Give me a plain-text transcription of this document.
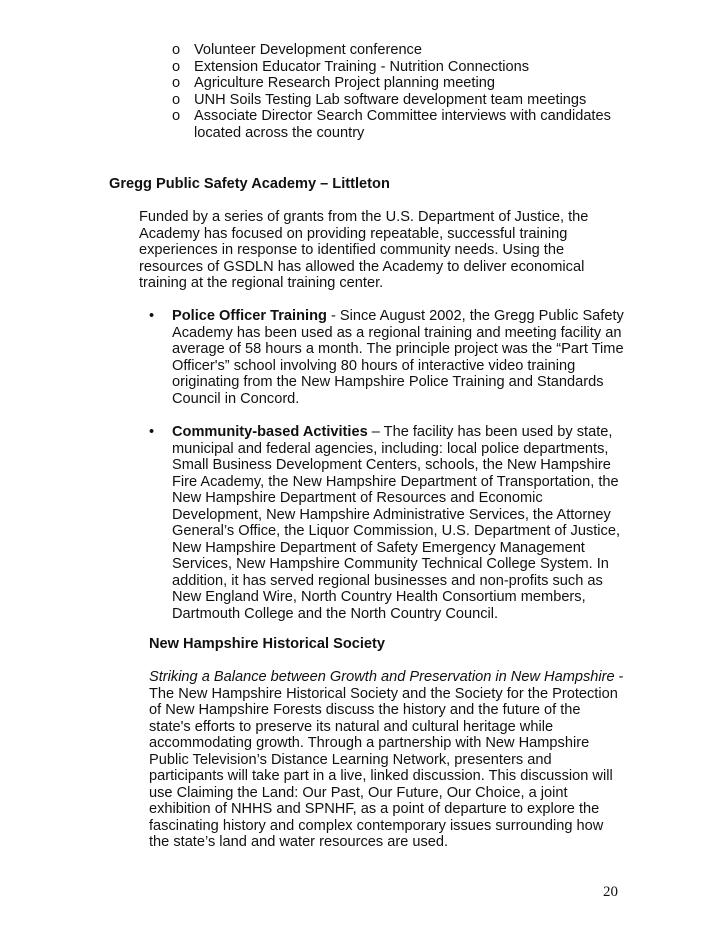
o Volunteer Development conference
o Extension Educator Training - Nutrition Connections
o Agriculture Research Project planning meeting
o UNH Soils Testing Lab software development team meetings
o Associate Director Search Committee interviews with candidates located across the country
Gregg Public Safety Academy – Littleton
Funded by a series of grants from the U.S. Department of Justice, the Academy has focused on providing repeatable, successful training experiences in response to identified community needs. Using the resources of GSDLN has allowed the Academy to deliver economical training at the regional training center.
• Police Officer Training - Since August 2002, the Gregg Public Safety Academy has been used as a regional training and meeting facility an average of 58 hours a month. The principle project was the “Part Time Officer's” school involving 80 hours of interactive video training originating from the New Hampshire Police Training and Standards Council in Concord.
• Community-based Activities – The facility has been used by state, municipal and federal agencies, including: local police departments, Small Business Development Centers, schools, the New Hampshire Fire Academy, the New Hampshire Department of Transportation, the New Hampshire Department of Resources and Economic Development, New Hampshire Administrative Services, the Attorney General’s Office, the Liquor Commission, U.S. Department of Justice, New Hampshire Department of Safety Emergency Management Services, New Hampshire Community Technical College System. In addition, it has served regional businesses and non-profits such as New England Wire, North Country Health Consortium members, Dartmouth College and the North Country Council.
New Hampshire Historical Society
Striking a Balance between Growth and Preservation in New Hampshire - The New Hampshire Historical Society and the Society for the Protection of New Hampshire Forests discuss the history and the future of the state's efforts to preserve its natural and cultural heritage while accommodating growth. Through a partnership with New Hampshire Public Television’s Distance Learning Network, presenters and participants will take part in a live, linked discussion. This discussion will use Claiming the Land: Our Past, Our Future, Our Choice, a joint exhibition of NHHS and SPNHF, as a point of departure to explore the fascinating history and complex contemporary issues surrounding how the state’s land and water resources are used.
20
